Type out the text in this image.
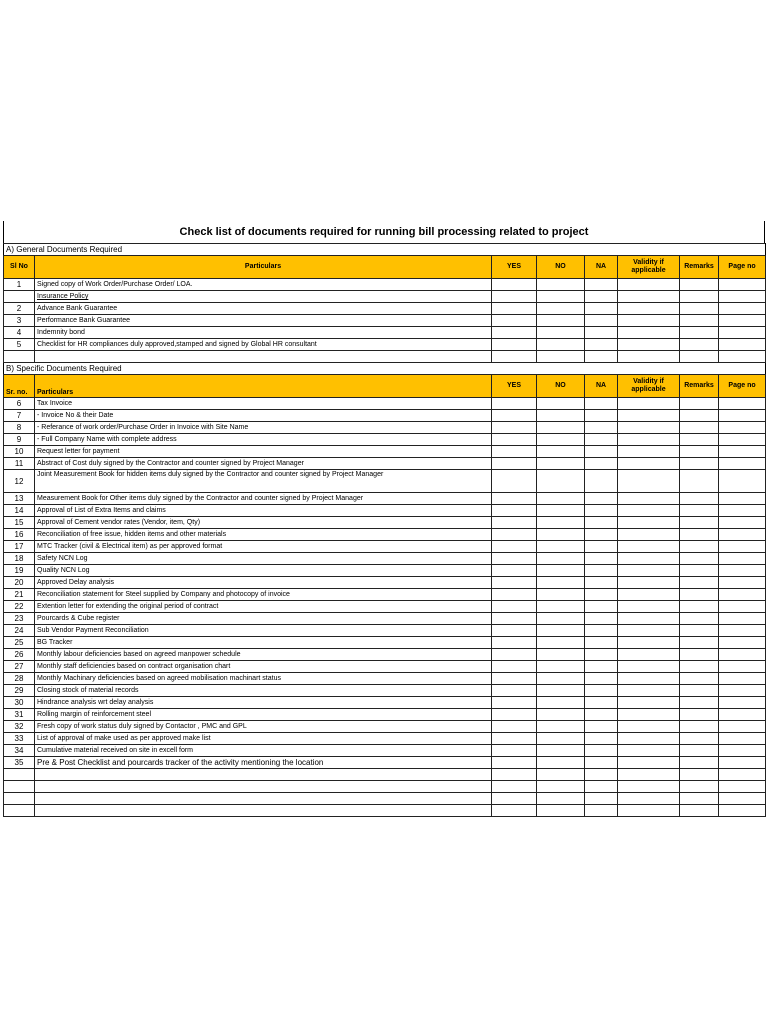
Check list of documents required for running bill processing related to project
A) General Documents Required							
Sl No	Particulars	YES	NO	NA	Validity if applicable	Remarks	Page no
1	Signed copy of Work Order/Purchase Order/ LOA.						
	Insurance Policy						
2	Advance Bank Guarantee						
3	Performance Bank Guarantee						
4	Indemnity bond						
5	Checklist for HR compliances duly approved,stamped and signed by Global HR consultant						

B) Specific Documents Required							
Sr. no.	Particulars	YES	NO	NA	Validity if applicable	Remarks	Page no
6	Tax Invoice						
7	- Invoice No & their Date						
8	- Referance of work order/Purchase Order in Invoice with Site Name						
9	- Full Company Name with complete address						
10	Request letter for payment						
11	Abstract of Cost duly signed by the Contractor and counter signed by Project Manager						
12	Joint Measurement Book for hidden items duly signed by the Contractor and counter signed by Project Manager						
13	Measurement Book for Other items duly signed by the Contractor and counter signed by Project Manager						
14	Approval of List of Extra Items and claims						
15	Approval of Cement vendor rates (Vendor, item, Qty)						
16	Reconciliation of free issue, hidden items and other materials						
17	MTC Tracker (civil & Electrical item) as per approved format						
18	Safety NCN Log						
19	Quality NCN Log						
20	Approved Delay analysis						
21	Reconciliation statement for Steel supplied by Company and photocopy of invoice						
22	Extention letter for extending the original period of contract						
23	Pourcards & Cube register						
24	Sub Vendor Payment Reconciliation						
25	BG Tracker						
26	Monthly labour deficiencies based on agreed manpower schedule						
27	Monthly staff deficiencies based on contract organisation chart						
28	Monthly Machinary deficiencies based on agreed mobilisation machinart status						
29	Closing stock of material records						
30	Hindrance analysis wrt delay analysis						
31	Rolling margin of reinforcement steel						
32	Fresh copy of work status duly signed by Contactor , PMC and GPL						
33	List of approval of make used as per approved make list						
34	Cumulative material received on site in excell form						
35	Pre & Post Checklist and pourcards tracker of the activity mentioning the location						
